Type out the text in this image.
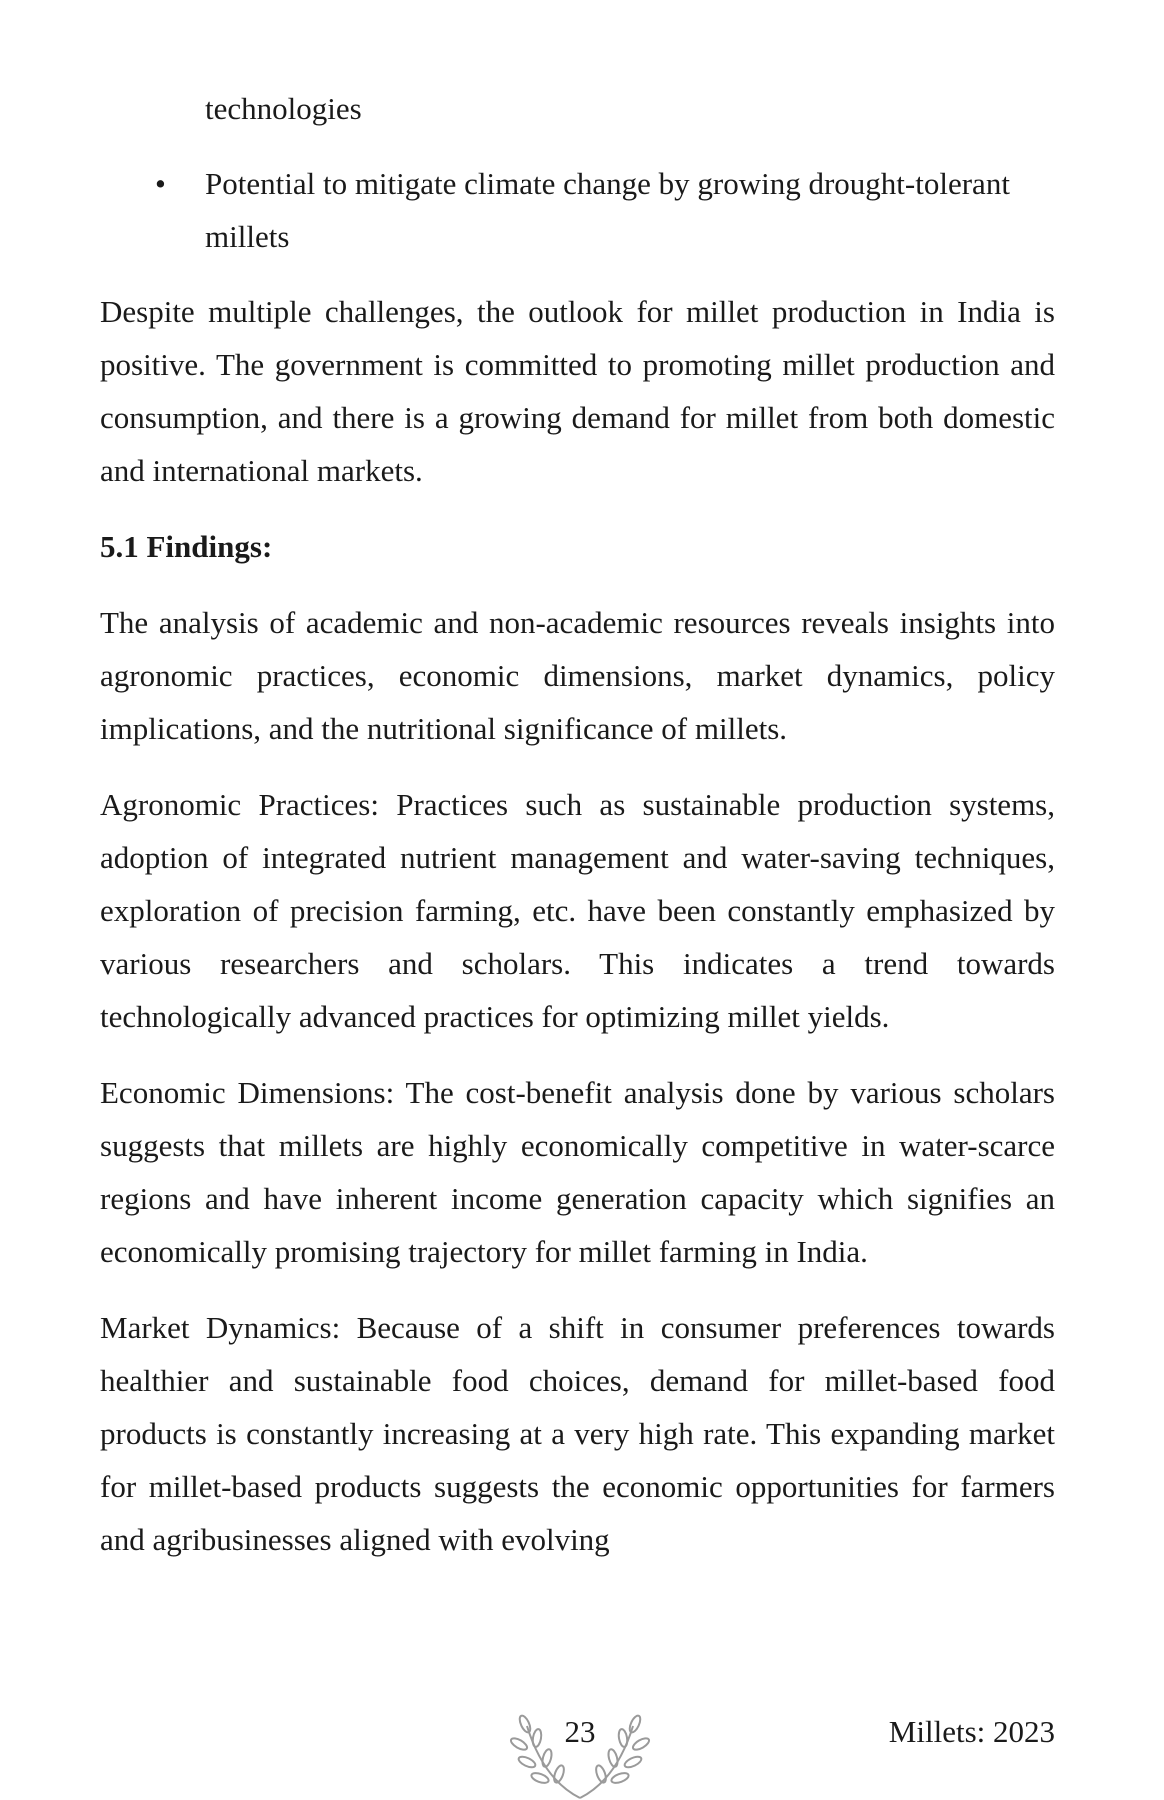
technologies
• Potential to mitigate climate change by growing drought-tolerant millets

Despite multiple challenges, the outlook for millet production in India is positive. The government is committed to promoting millet production and consumption, and there is a growing demand for millet from both domestic and international markets.

5.1 Findings:

The analysis of academic and non-academic resources reveals insights into agronomic practices, economic dimensions, market dynamics, policy implications, and the nutritional significance of millets.

Agronomic Practices: Practices such as sustainable production systems, adoption of integrated nutrient management and water-saving techniques, exploration of precision farming, etc. have been constantly emphasized by various researchers and scholars. This indicates a trend towards technologically advanced practices for optimizing millet yields.

Economic Dimensions: The cost-benefit analysis done by various scholars suggests that millets are highly economically competitive in water-scarce regions and have inherent income generation capacity which signifies an economically promising trajectory for millet farming in India.

Market Dynamics: Because of a shift in consumer preferences towards healthier and sustainable food choices, demand for millet-based food products is constantly increasing at a very high rate. This expanding market for millet-based products suggests the economic opportunities for farmers and agribusinesses aligned with evolving

23	Millets: 2023
